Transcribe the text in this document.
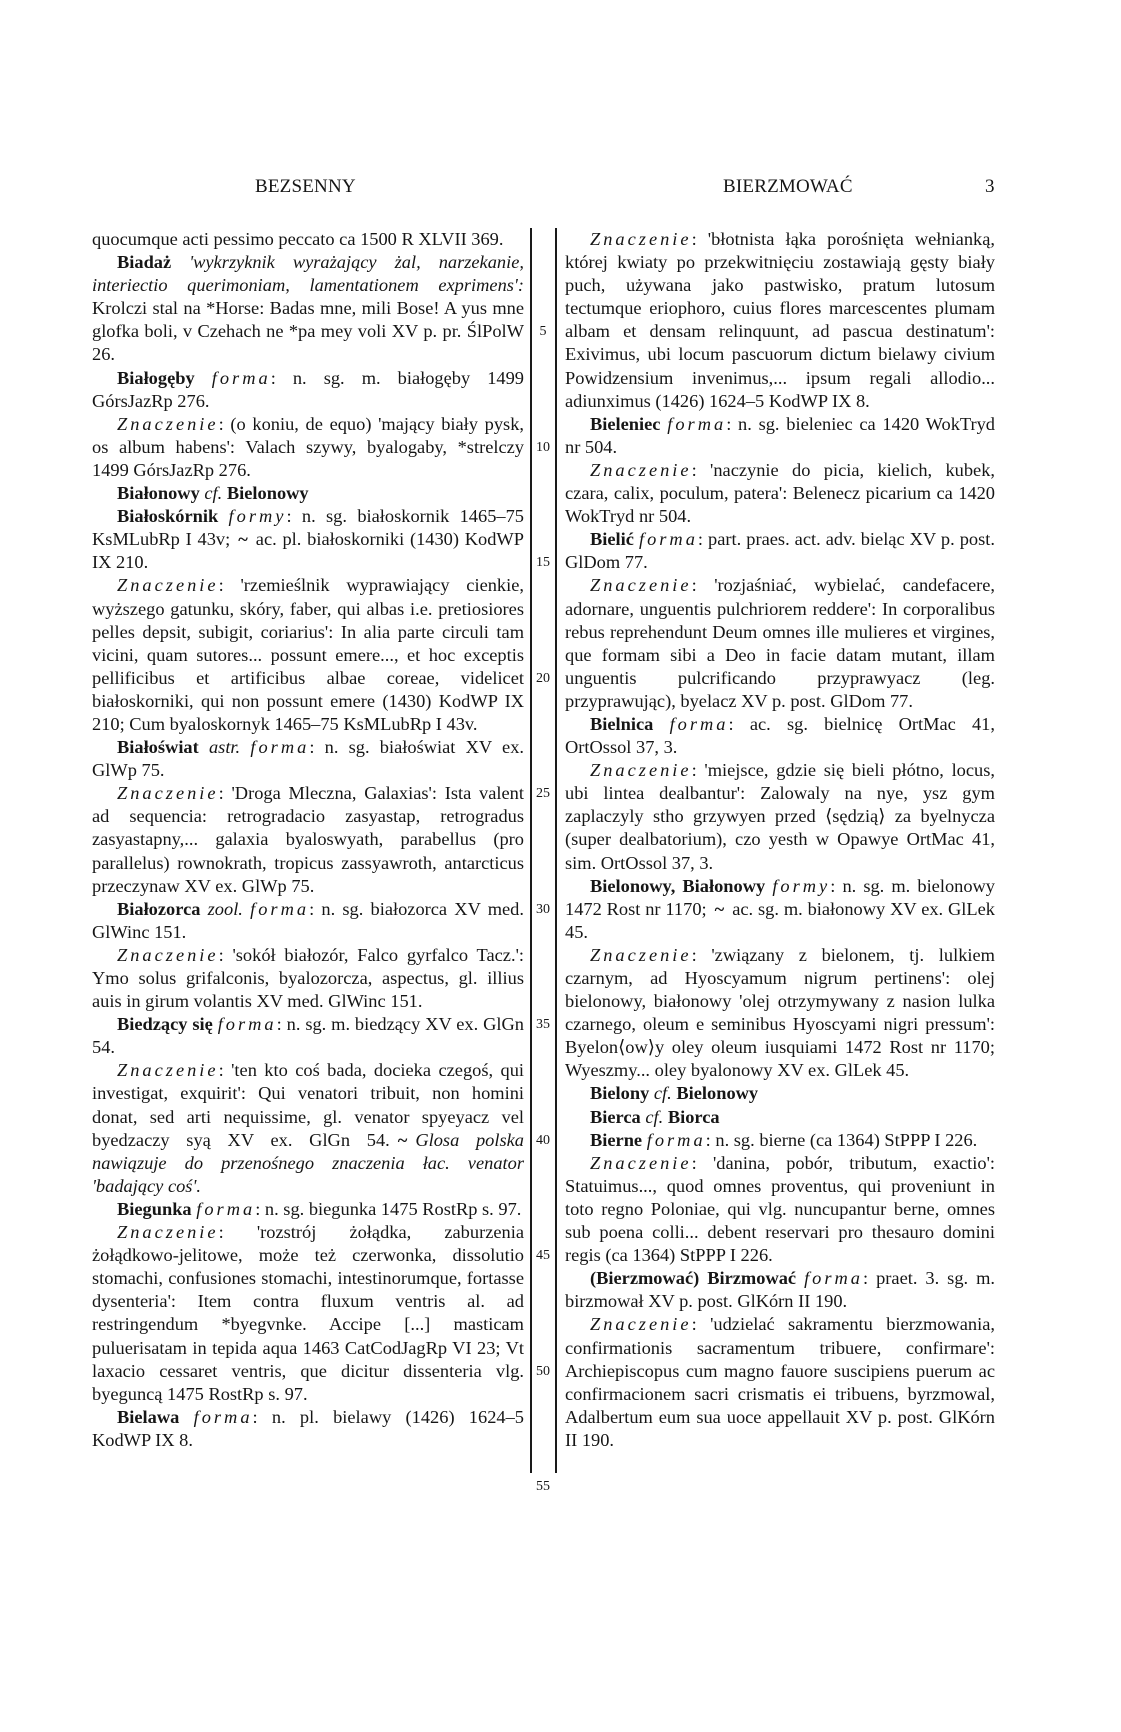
BEZSENNY	BIERZMOWAĆ	3
5
10
15
20
25
30
35
40
45
50
55

quocumque acti pessimo peccato ca 1500 R XLVII 369.

Biadaż 'wykrzyknik wyrażający żal, narzekanie, interiectio querimoniam, lamentationem exprimens': Krolczi stal na *Horse: Badas mne, mili Bose! A yus mne glofka boli, v Czehach ne *pa mey voli XV p. pr. ŚlPolW 26.

Białogęby forma: n. sg. m. białogęby 1499 GórsJazRp 276.

Znaczenie: (o koniu, de equo) 'mający biały pysk, os album habens': Valach szywy, byalogaby, *strelczy 1499 GórsJazRp 276.

Białonowy cf. Bielonowy

Białoskórnik formy: n. sg. białoskornik 1465–75 KsMLubRp I 43v; ~ ac. pl. białoskorniki (1430) KodWP IX 210.

Znaczenie: 'rzemieślnik wyprawiający cienkie, wyższego gatunku, skóry, faber, qui albas i.e. pretiosiores pelles depsit, subigit, coriarius': In alia parte circuli tam vicini, quam sutores... possunt emere..., et hoc exceptis pellificibus et artificibus albae coreae, videlicet białoskorniki, qui non possunt emere (1430) KodWP IX 210; Cum byaloskornyk 1465–75 KsMLubRp I 43v.

Białoświat astr. forma: n. sg. białoświat XV ex. GlWp 75.

Znaczenie: 'Droga Mleczna, Galaxias': Ista valent ad sequencia: retrogradacio zasyastap, retrogradus zasyastapny,... galaxia byaloswyath, parabellus (pro parallelus) rownokrath, tropicus zassyawroth, antarcticus przeczynaw XV ex. GlWp 75.

Białozorca zool. forma: n. sg. białozorca XV med. GlWinc 151.

Znaczenie: 'sokół białozór, Falco gyrfalco Tacz.': Ymo solus grifalconis, byalozorcza, aspectus, gl. illius auis in girum volantis XV med. GlWinc 151.

Biedzący się forma: n. sg. m. biedzący XV ex. GlGn 54.

Znaczenie: 'ten kto coś bada, docieka czegoś, qui investigat, exquirit': Qui venatori tribuit, non homini donat, sed arti nequissime, gl. venator spyeyacz vel byedzaczy syą XV ex. GlGn 54. ~ Glosa polska nawiązuje do przenośnego znaczenia łac. venator 'badający coś'.

Biegunka forma: n. sg. biegunka 1475 RostRp s. 97.

Znaczenie: 'rozstrój żołądka, zaburzenia żołądkowo-jelitowe, może też czerwonka, dissolutio stomachi, confusiones stomachi, intestinorumque, fortasse dysenteria': Item contra fluxum ventris al. ad restringendum *byegvnke. Accipe [...] masticam puluerisatam in tepida aqua 1463 CatCodJagRp VI 23; Vt laxacio cessaret ventris, que dicitur dissenteria vlg. byeguncą 1475 RostRp s. 97.

Bielawa forma: n. pl. bielawy (1426) 1624–5 KodWP IX 8.

Znaczenie: 'błotnista łąka porośnięta wełnianką, której kwiaty po przekwitnięciu zostawiają gęsty biały puch, używana jako pastwisko, pratum lutosum tectumque eriophoro, cuius flores marcescentes plumam albam et densam relinquunt, ad pascua destinatum': Exivimus, ubi locum pascuorum dictum bielawy civium Powidzensium invenimus,... ipsum regali allodio... adiunximus (1426) 1624–5 KodWP IX 8.

Bieleniec forma: n. sg. bieleniec ca 1420 WokTryd nr 504.

Znaczenie: 'naczynie do picia, kielich, kubek, czara, calix, poculum, patera': Belenecz picarium ca 1420 WokTryd nr 504.

Bielić forma: part. praes. act. adv. bieląc XV p. post. GlDom 77.

Znaczenie: 'rozjaśniać, wybielać, candefacere, adornare, unguentis pulchriorem reddere': In corporalibus rebus reprehendunt Deum omnes ille mulieres et virgines, que formam sibi a Deo in facie datam mutant, illam unguentis pulcrificando przyprawyacz (leg. przyprawując), byelacz XV p. post. GlDom 77.

Bielnica forma: ac. sg. bielnicę OrtMac 41, OrtOssol 37, 3.

Znaczenie: 'miejsce, gdzie się bieli płótno, locus, ubi lintea dealbantur': Zalowaly na nye, ysz gym zaplaczyly stho grzywyen przed ⟨sędzią⟩ za byelnycza (super dealbatorium), czo yesth w Opawye OrtMac 41, sim. OrtOssol 37, 3.

Bielonowy, Białonowy formy: n. sg. m. bielonowy 1472 Rost nr 1170; ~ ac. sg. m. białonowy XV ex. GlLek 45.

Znaczenie: 'związany z bielonem, tj. lulkiem czarnym, ad Hyoscyamum nigrum pertinens': olej bielonowy, białonowy 'olej otrzymywany z nasion lulka czarnego, oleum e seminibus Hyoscyami nigri pressum': Byelon⟨ow⟩y oley oleum iusquiami 1472 Rost nr 1170; Wyeszmy... oley byalonowy XV ex. GlLek 45.

Bielony cf. Bielonowy

Bierca cf. Biorca

Bierne forma: n. sg. bierne (ca 1364) StPPP I 226.

Znaczenie: 'danina, pobór, tributum, exactio': Statuimus..., quod omnes proventus, qui proveniunt in toto regno Poloniae, qui vlg. nuncupantur berne, omnes sub poena colli... debent reservari pro thesauro domini regis (ca 1364) StPPP I 226.

(Bierzmować) Birzmować forma: praet. 3. sg. m. birzmował XV p. post. GlKórn II 190.

Znaczenie: 'udzielać sakramentu bierzmowania, confirmationis sacramentum tribuere, confirmare': Archiepiscopus cum magno fauore suscipiens puerum ac confirmacionem sacri crismatis ei tribuens, byrzmowal, Adalbertum eum sua uoce appellauit XV p. post. GlKórn II 190.
